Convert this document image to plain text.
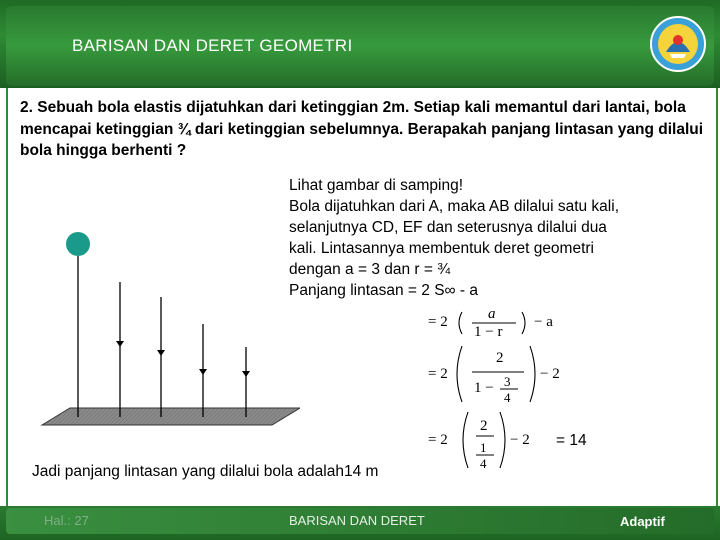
BARISAN DAN DERET GEOMETRI
2. Sebuah bola elastis dijatuhkan dari ketinggian 2m. Setiap kali memantul dari lantai, bola mencapai ketinggian ¾ dari ketinggian sebelumnya. Berapakah panjang lintasan yang dilalui bola hingga berhenti ?
Lihat gambar di samping!
Bola dijatuhkan dari A, maka AB dilalui satu kali,
selanjutnya CD, EF dan seterusnya dilalui dua
kali. Lintasannya membentuk deret geometri
dengan a = 3 dan r = ¾
Panjang lintasan = 2 S∞ - a
= 2	a
1 − r
− a
= 2
2
1 − 3
4
− 2
= 2
2
1
4
− 2 = 14
Jadi panjang lintasan yang dilalui bola adalah14 m
Hal.: 27	BARISAN DAN DERET	Adaptif
